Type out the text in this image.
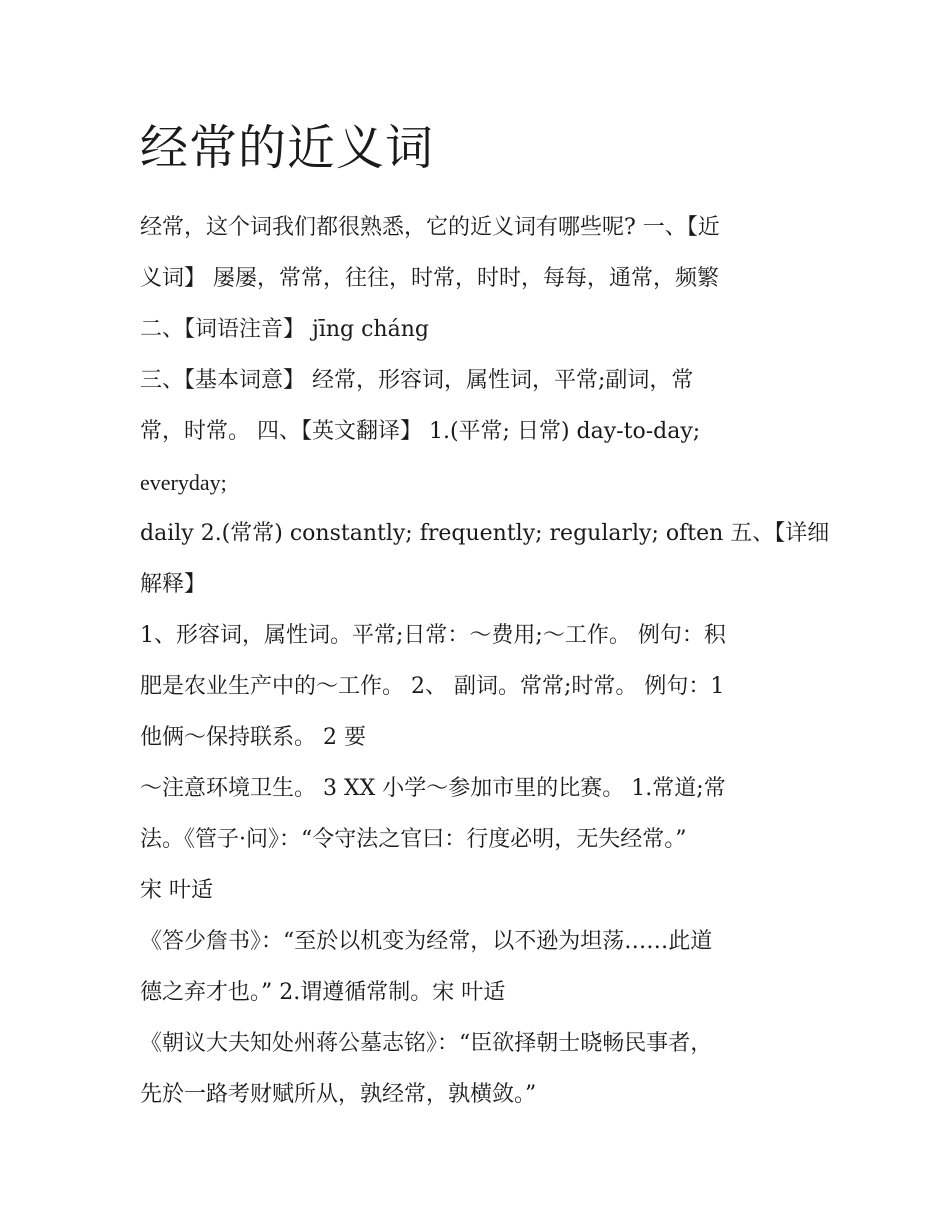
经常的近义词

经常，这个词我们都很熟悉，它的近义词有哪些呢? 一、【近

义词】 屡屡，常常，往往，时常，时时，每每，通常，频繁

二、【词语注音】 jīng cháng

三、【基本词意】 经常，形容词，属性词，平常;副词，常

常，时常。 四、【英文翻译】 1.(平常; 日常) day-to-day;

everyday;

daily 2.(常常) constantly; frequently; regularly; often 五、【详细

解释】

1、形容词，属性词。平常;日常：～费用;～工作。 例句：积

肥是农业生产中的～工作。 2、 副词。常常;时常。 例句：1

他俩～保持联系。 2 要

～注意环境卫生。 3 XX 小学～参加市里的比赛。 1.常道;常

法。《管子·问》：“令守法之官曰：行度必明，无失经常。”

宋 叶适

《答少詹书》：“至於以机变为经常，以不逊为坦荡……此道

德之弃才也。” 2.谓遵循常制。宋 叶适

《朝议大夫知处州蒋公墓志铭》：“臣欲择朝士晓畅民事者，

先於一路考财赋所从，孰经常，孰横敛。”
